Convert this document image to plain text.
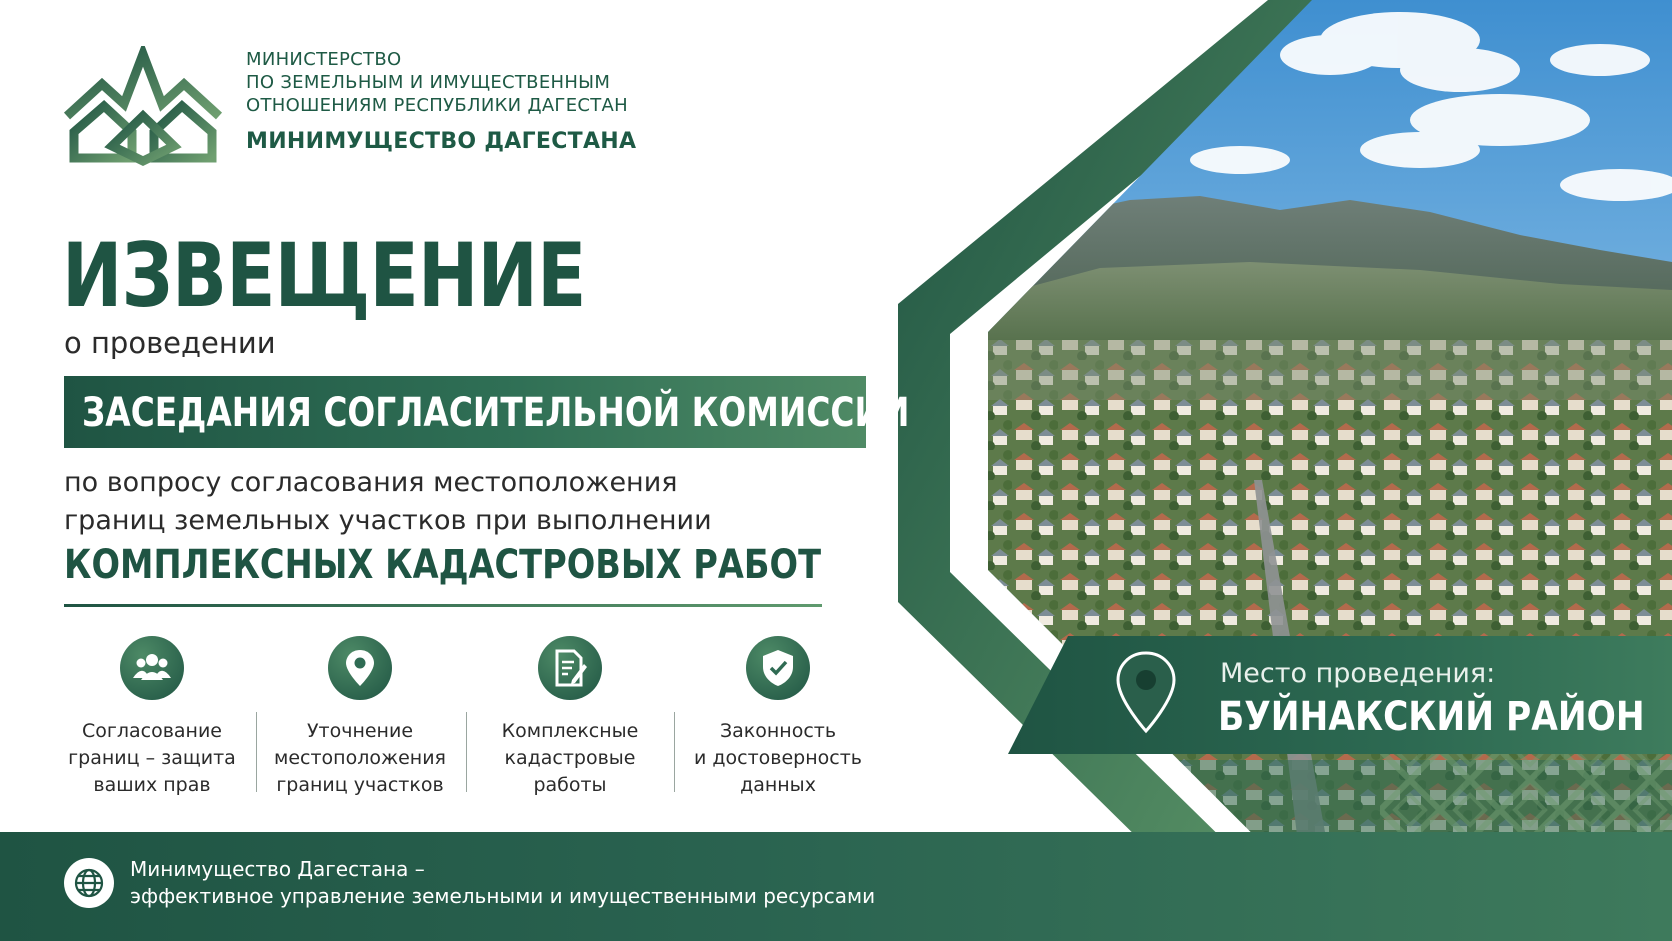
МИНИСТЕРСТВО
ПО ЗЕМЕЛЬНЫМ И ИМУЩЕСТВЕННЫМ
ОТНОШЕНИЯМ РЕСПУБЛИКИ ДАГЕСТАН
МИНИМУЩЕСТВО ДАГЕСТАНА
ИЗВЕЩЕНИЕ
о проведении
ЗАСЕДАНИЯ СОГЛАСИТЕЛЬНОЙ КОМИССИИ
по вопросу согласования местоположения
границ земельных участков при выполнении
КОМПЛЕКСНЫХ КАДАСТРОВЫХ РАБОТ
Согласование
границ – защита
ваших прав
Уточнение
местоположения
границ участков
Комплексные
кадастровые
работы
Законность
и достоверность
данных
Место проведения:
БУЙНАКСКИЙ РАЙОН
Минимущество Дагестана –
эффективное управление земельными и имущественными ресурсами
